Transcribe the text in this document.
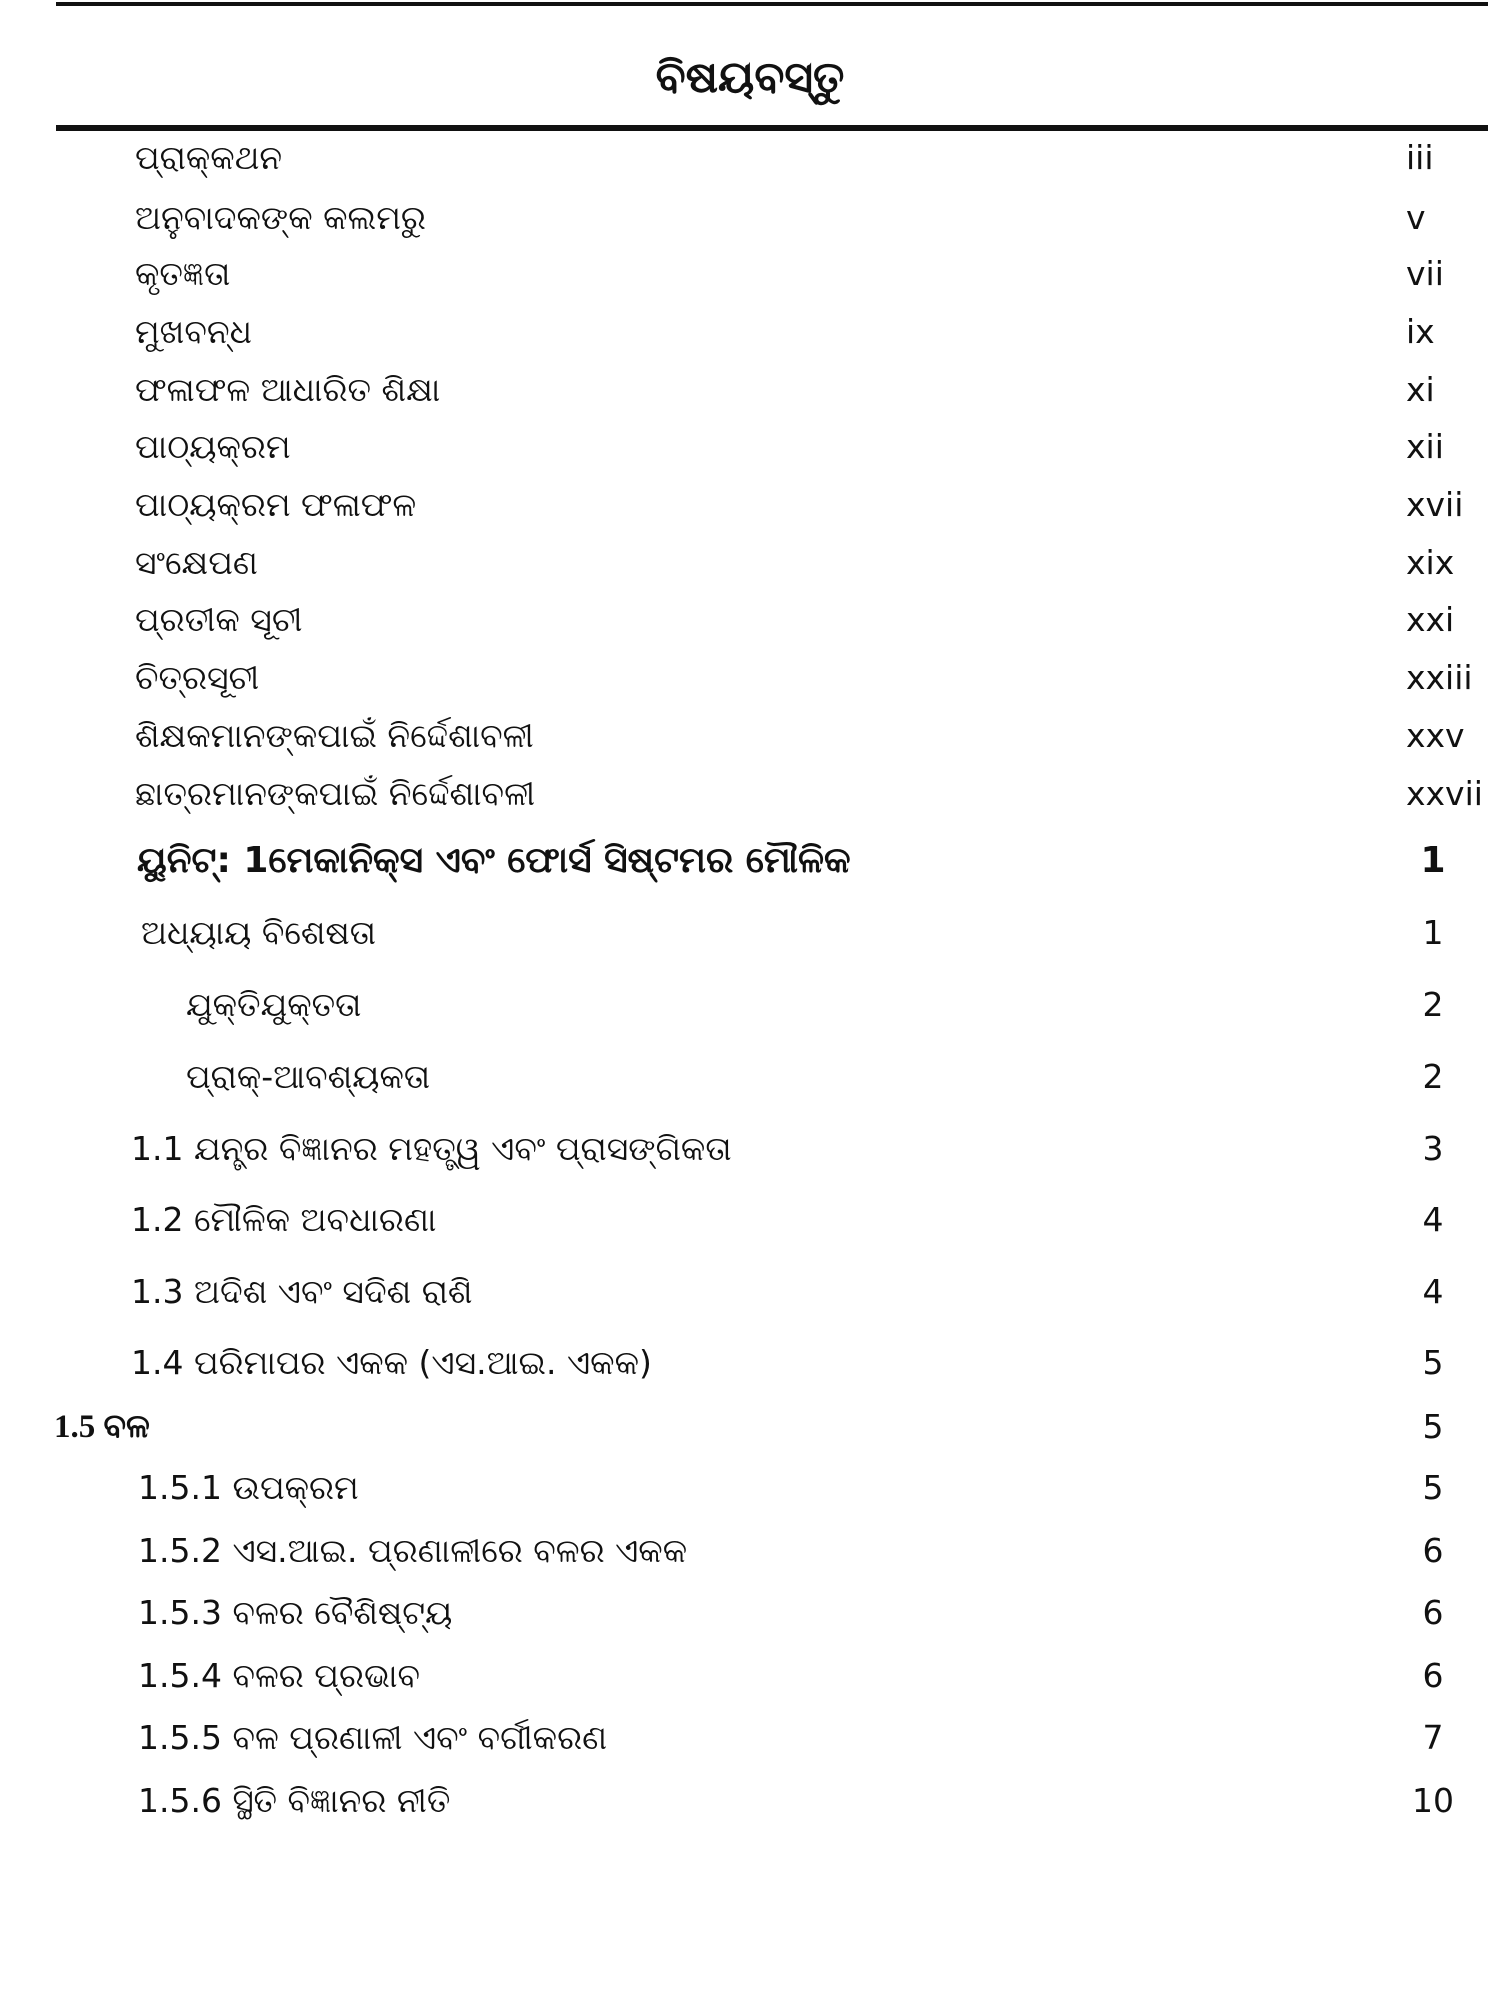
ବିଷୟବସ୍ତୁ
ପ୍ରାକ୍କଥନ	iii
ଅନୁବାଦକଙ୍କ କଲମରୁ	v
କୃତଜ୍ଞତା	vii
ମୁଖବନ୍ଧ	ix
ଫଳାଫଳ ଆଧାରିତ ଶିକ୍ଷା	xi
ପାଠ୍ୟକ୍ରମ	xii
ପାଠ୍ୟକ୍ରମ ଫଳାଫଳ	xvii
ସଂକ୍ଷେପଣ	xix
ପ୍ରତୀକ ସୂଚୀ	xxi
ଚିତ୍ରସୂଚୀ	xxiii
ଶିକ୍ଷକମାନଙ୍କପାଇଁ ନିର୍ଦ୍ଦେଶାବଳୀ	xxv
ଛାତ୍ରମାନଙ୍କପାଇଁ ନିର୍ଦ୍ଦେଶାବଳୀ	xxvii
ୟୁନିଟ୍: 1ମେକାନିକ୍ସ ଏବଂ ଫୋର୍ସ ସିଷ୍ଟମର ମୌଳିକ	1
ଅଧ୍ୟାୟ ବିଶେଷତା	1
ଯୁକ୍ତିଯୁକ୍ତତା	2
ପ୍ରାକ୍-ଆବଶ୍ୟକତା	2
1.1 ଯନ୍ତ୍ର ବିଜ୍ଞାନର ମହତ୍ତ୍ୱ ଏବଂ ପ୍ରାସଙ୍ଗିକତା	3
1.2 ମୌଳିକ ଅବଧାରଣା	4
1.3 ଅଦିଶ ଏବଂ ସଦିଶ ରାଶି	4
1.4 ପରିମାପର ଏକକ (ଏସ.ଆଇ. ଏକକ)	5
1.5 ବଳ	5
1.5.1 ଉପକ୍ରମ	5
1.5.2 ଏସ.ଆଇ. ପ୍ରଣାଳୀରେ ବଳର ଏକକ	6
1.5.3 ବଳର ବୈଶିଷ୍ଟ୍ୟ	6
1.5.4 ବଳର ପ୍ରଭାବ	6
1.5.5 ବଳ ପ୍ରଣାଳୀ ଏବଂ ବର୍ଗୀକରଣ	7
1.5.6 ସ୍ଥିତି ବିଜ୍ଞାନର ନୀତି	10
